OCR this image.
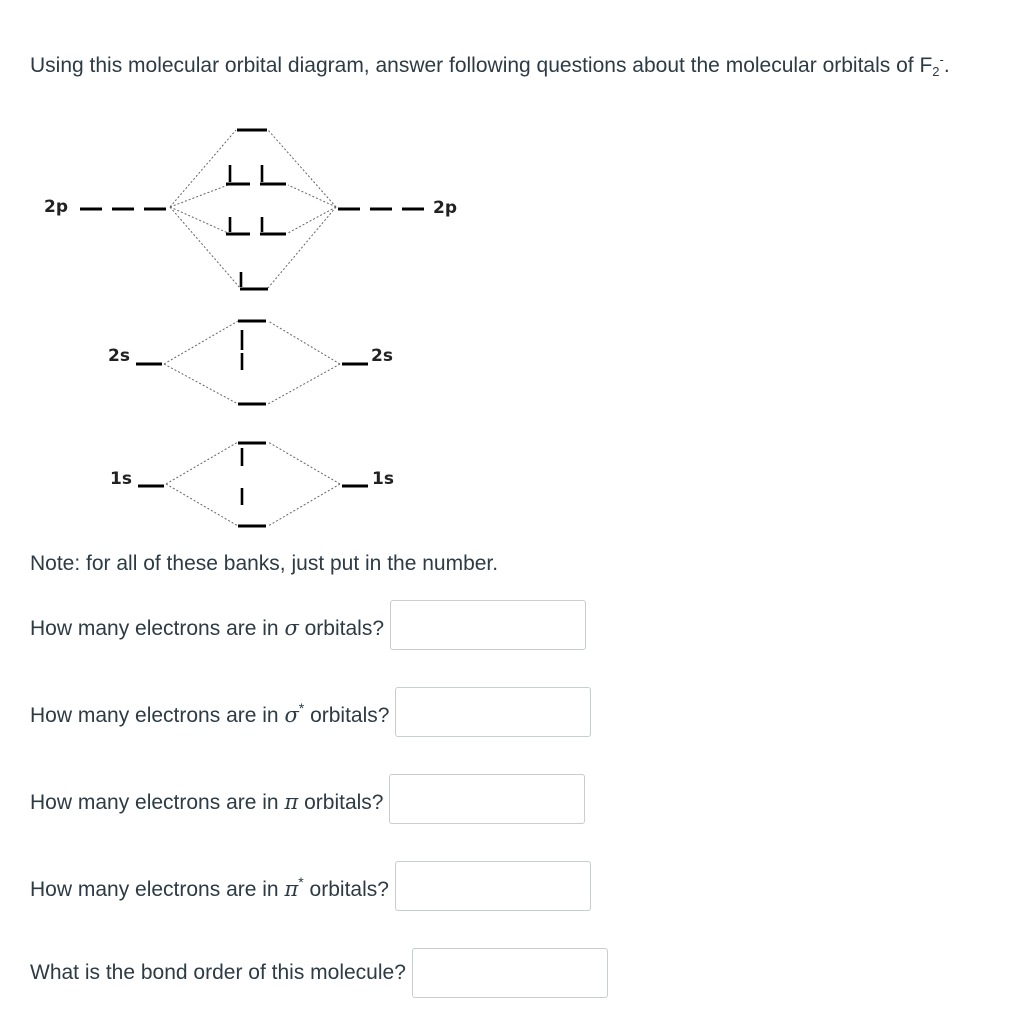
Using this molecular orbital diagram, answer following questions about the molecular orbitals of $F_2^-$.
2p	2p
2s	2s
1s	1s
Note: for all of these banks, just put in the number.
How many electrons are in σ orbitals?
How many electrons are in σ* orbitals?
How many electrons are in π orbitals?
How many electrons are in π* orbitals?
What is the bond order of this molecule?
